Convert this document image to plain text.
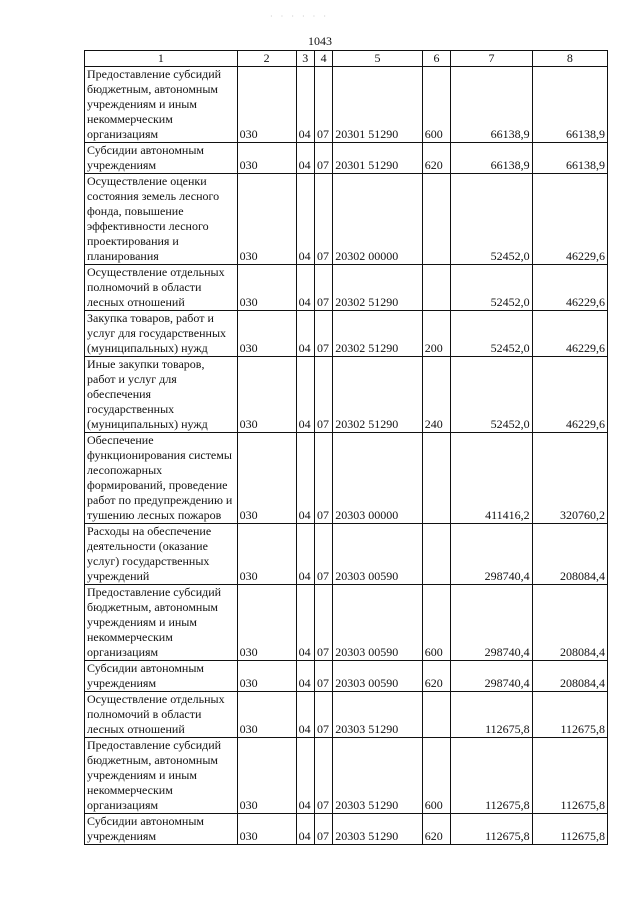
· · · · · ·
1043
1	2	3	4	5	6	7	8
Предоставление субсидий бюджетным, автономным учреждениям и иным некоммерческим организациям	030	04	07	20301 51290	600	66138,9	66138,9
Субсидии автономным учреждениям	030	04	07	20301 51290	620	66138,9	66138,9
Осуществление оценки состояния земель лесного фонда, повышение эффективности лесного проектирования и планирования	030	04	07	20302 00000		52452,0	46229,6
Осуществление отдельных полномочий в области лесных отношений	030	04	07	20302 51290		52452,0	46229,6
Закупка товаров, работ и услуг для государственных (муниципальных) нужд	030	04	07	20302 51290	200	52452,0	46229,6
Иные закупки товаров, работ и услуг для обеспечения государственных (муниципальных) нужд	030	04	07	20302 51290	240	52452,0	46229,6
Обеспечение функционирования системы лесопожарных формирований, проведение работ по предупреждению и тушению лесных пожаров	030	04	07	20303 00000		411416,2	320760,2
Расходы на обеспечение деятельности (оказание услуг) государственных учреждений	030	04	07	20303 00590		298740,4	208084,4
Предоставление субсидий бюджетным, автономным учреждениям и иным некоммерческим организациям	030	04	07	20303 00590	600	298740,4	208084,4
Субсидии автономным учреждениям	030	04	07	20303 00590	620	298740,4	208084,4
Осуществление отдельных полномочий в области лесных отношений	030	04	07	20303 51290		112675,8	112675,8
Предоставление субсидий бюджетным, автономным учреждениям и иным некоммерческим организациям	030	04	07	20303 51290	600	112675,8	112675,8
Субсидии автономным учреждениям	030	04	07	20303 51290	620	112675,8	112675,8
